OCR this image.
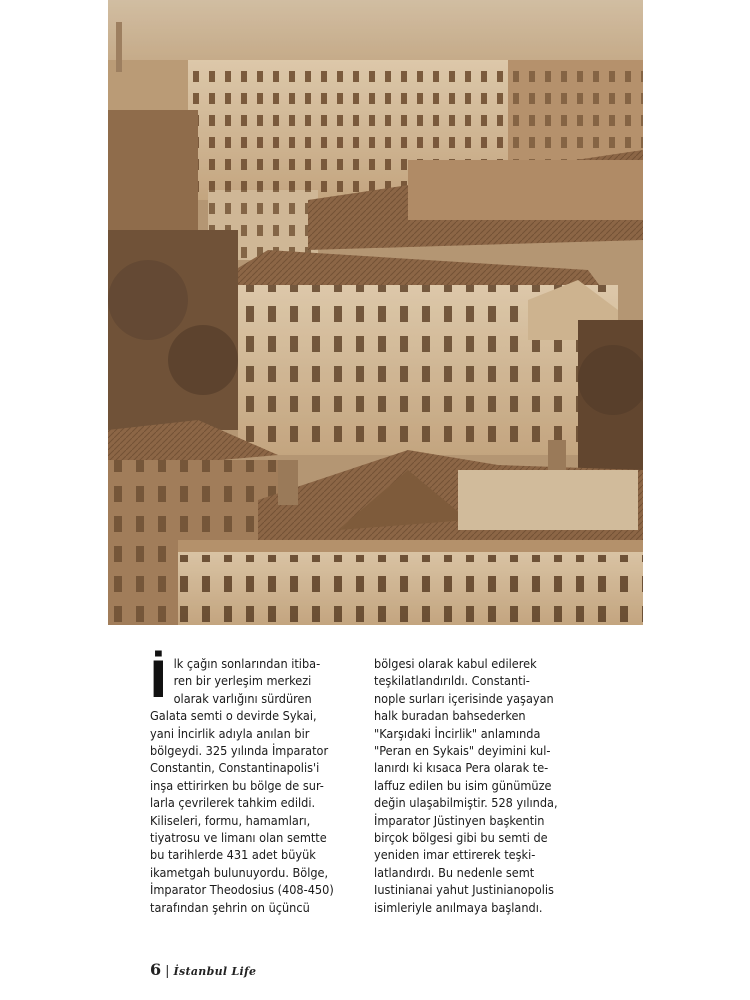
İ lk çağın sonlarından itiba-
ren bir yerleşim merkezi
olarak varlığını sürdüren
Galata semti o devirde Sykai,
yani İncirlik adıyla anılan bir
bölgeydi. 325 yılında İmparator
Constantin, Constantinapolis'i
inşa ettirirken bu bölge de sur-
larla çevrilerek tahkim edildi.
Kiliseleri, formu, hamamları,
tiyatrosu ve limanı olan semtte
bu tarihlerde 431 adet büyük
ikametgah bulunuyordu. Bölge,
İmparator Theodosius (408-450)
tarafından şehrin on üçüncü

bölgesi olarak kabul edilerek
teşkilatlandırıldı. Constanti-
nople surları içerisinde yaşayan
halk buradan bahsederken
"Karşıdaki İncirlik" anlamında
"Peran en Sykais" deyimini kul-
lanırdı ki kısaca Pera olarak te-
laffuz edilen bu isim günümüze
değin ulaşabilmiştir. 528 yılında,
İmparator Jüstinyen başkentin
birçok bölgesi gibi bu semti de
yeniden imar ettirerek teşki-
latlandırdı. Bu nedenle semt
Iustinianai yahut Justinianopolis
isimleriyle anılmaya başlandı.

6 | İstanbul Life
